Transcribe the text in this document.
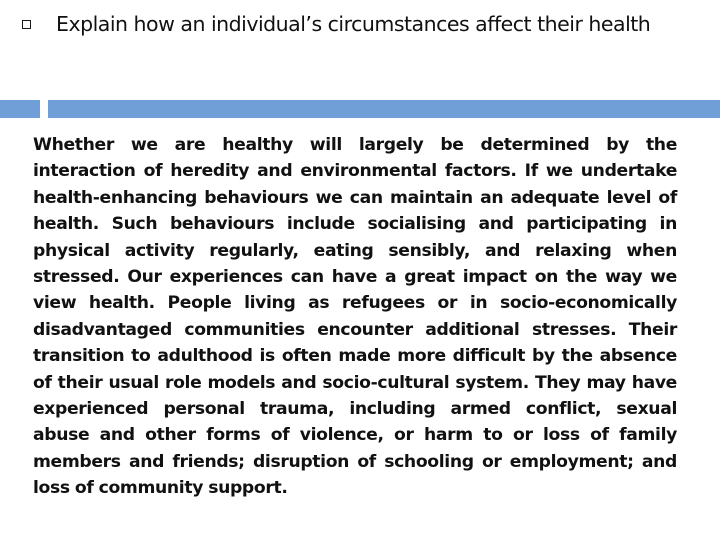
Explain how an individual’s circumstances affect their health

Whether we are healthy will largely be determined by the interaction of heredity and environmental factors. If we undertake health-enhancing behaviours we can maintain an adequate level of health. Such behaviours include socialising and participating in physical activity regularly, eating sensibly, and relaxing when stressed. Our experiences can have a great impact on the way we view health. People living as refugees or in socio-economically disadvantaged communities encounter additional stresses. Their transition to adulthood is often made more difficult by the absence of their usual role models and socio-cultural system. They may have experienced personal trauma, including armed conflict, sexual abuse and other forms of violence, or harm to or loss of family members and friends; disruption of schooling or employment; and loss of community support.
